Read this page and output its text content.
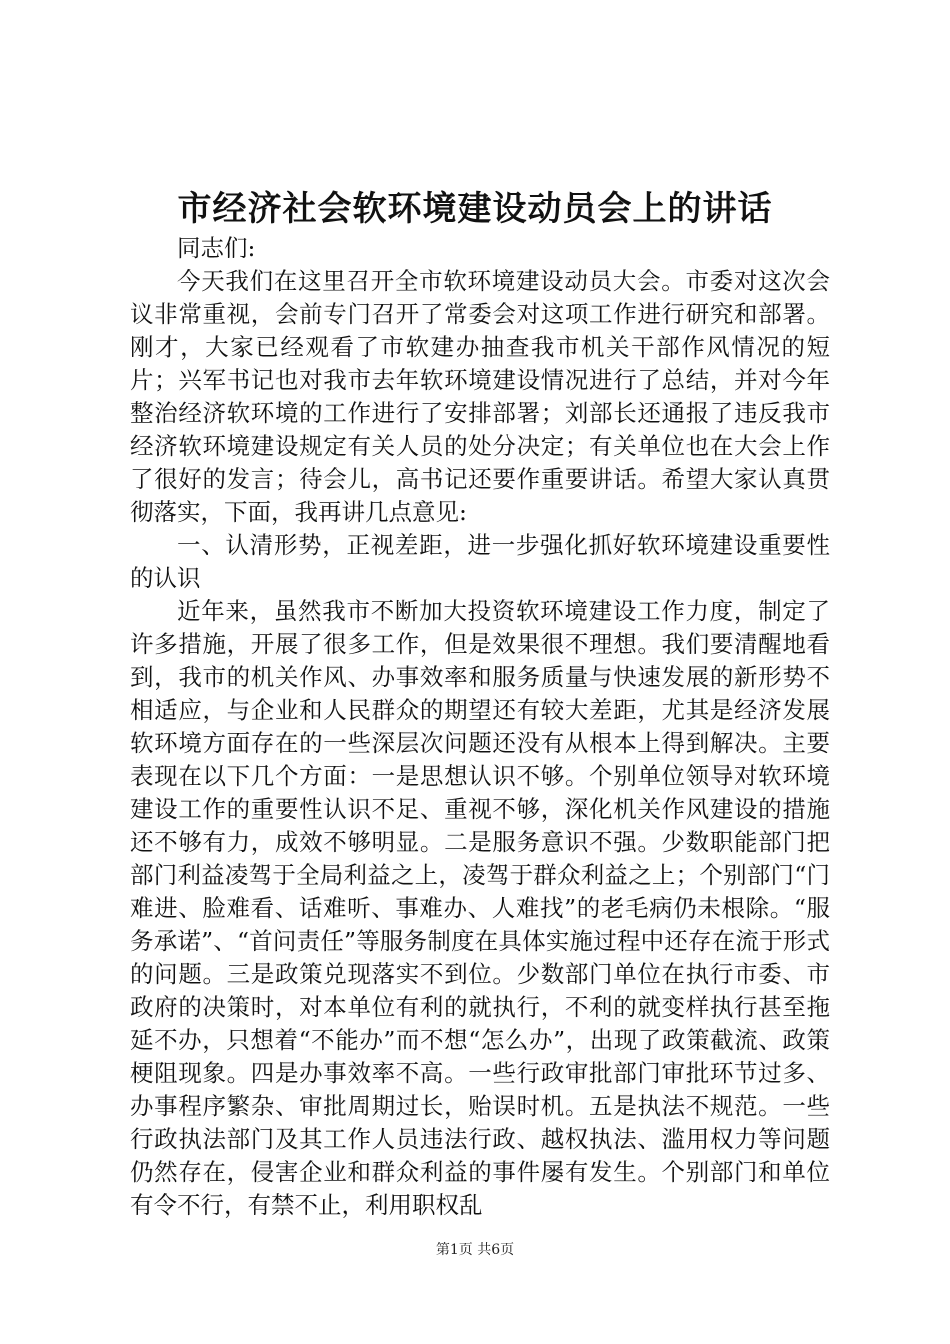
市经济社会软环境建设动员会上的讲话

同志们:

今天我们在这里召开全市软环境建设动员大会。市委对这次会议非常重视，会前专门召开了常委会对这项工作进行研究和部署。刚才，大家已经观看了市软建办抽查我市机关干部作风情况的短片；兴军书记也对我市去年软环境建设情况进行了总结，并对今年整治经济软环境的工作进行了安排部署；刘部长还通报了违反我市经济软环境建设规定有关人员的处分决定；有关单位也在大会上作了很好的发言；待会儿，高书记还要作重要讲话。希望大家认真贯彻落实，下面，我再讲几点意见:

一、认清形势，正视差距，进一步强化抓好软环境建设重要性的认识

近年来，虽然我市不断加大投资软环境建设工作力度，制定了许多措施，开展了很多工作，但是效果很不理想。我们要清醒地看到，我市的机关作风、办事效率和服务质量与快速发展的新形势不相适应，与企业和人民群众的期望还有较大差距，尤其是经济发展软环境方面存在的一些深层次问题还没有从根本上得到解决。主要表现在以下几个方面：一是思想认识不够。个别单位领导对软环境建设工作的重要性认识不足、重视不够，深化机关作风建设的措施还不够有力，成效不够明显。二是服务意识不强。少数职能部门把部门利益凌驾于全局利益之上，凌驾于群众利益之上；个别部门“门难进、脸难看、话难听、事难办、人难找”的老毛病仍未根除。“服务承诺”、“首问责任”等服务制度在具体实施过程中还存在流于形式的问题。三是政策兑现落实不到位。少数部门单位在执行市委、市政府的决策时，对本单位有利的就执行，不利的就变样执行甚至拖延不办，只想着“不能办”而不想“怎么办”，出现了政策截流、政策梗阻现象。四是办事效率不高。一些行政审批部门审批环节过多、办事程序繁杂、审批周期过长，贻误时机。五是执法不规范。一些行政执法部门及其工作人员违法行政、越权执法、滥用权力等问题仍然存在，侵害企业和群众利益的事件屡有发生。个别部门和单位有令不行，有禁不止，利用职权乱

第1页 共6页
